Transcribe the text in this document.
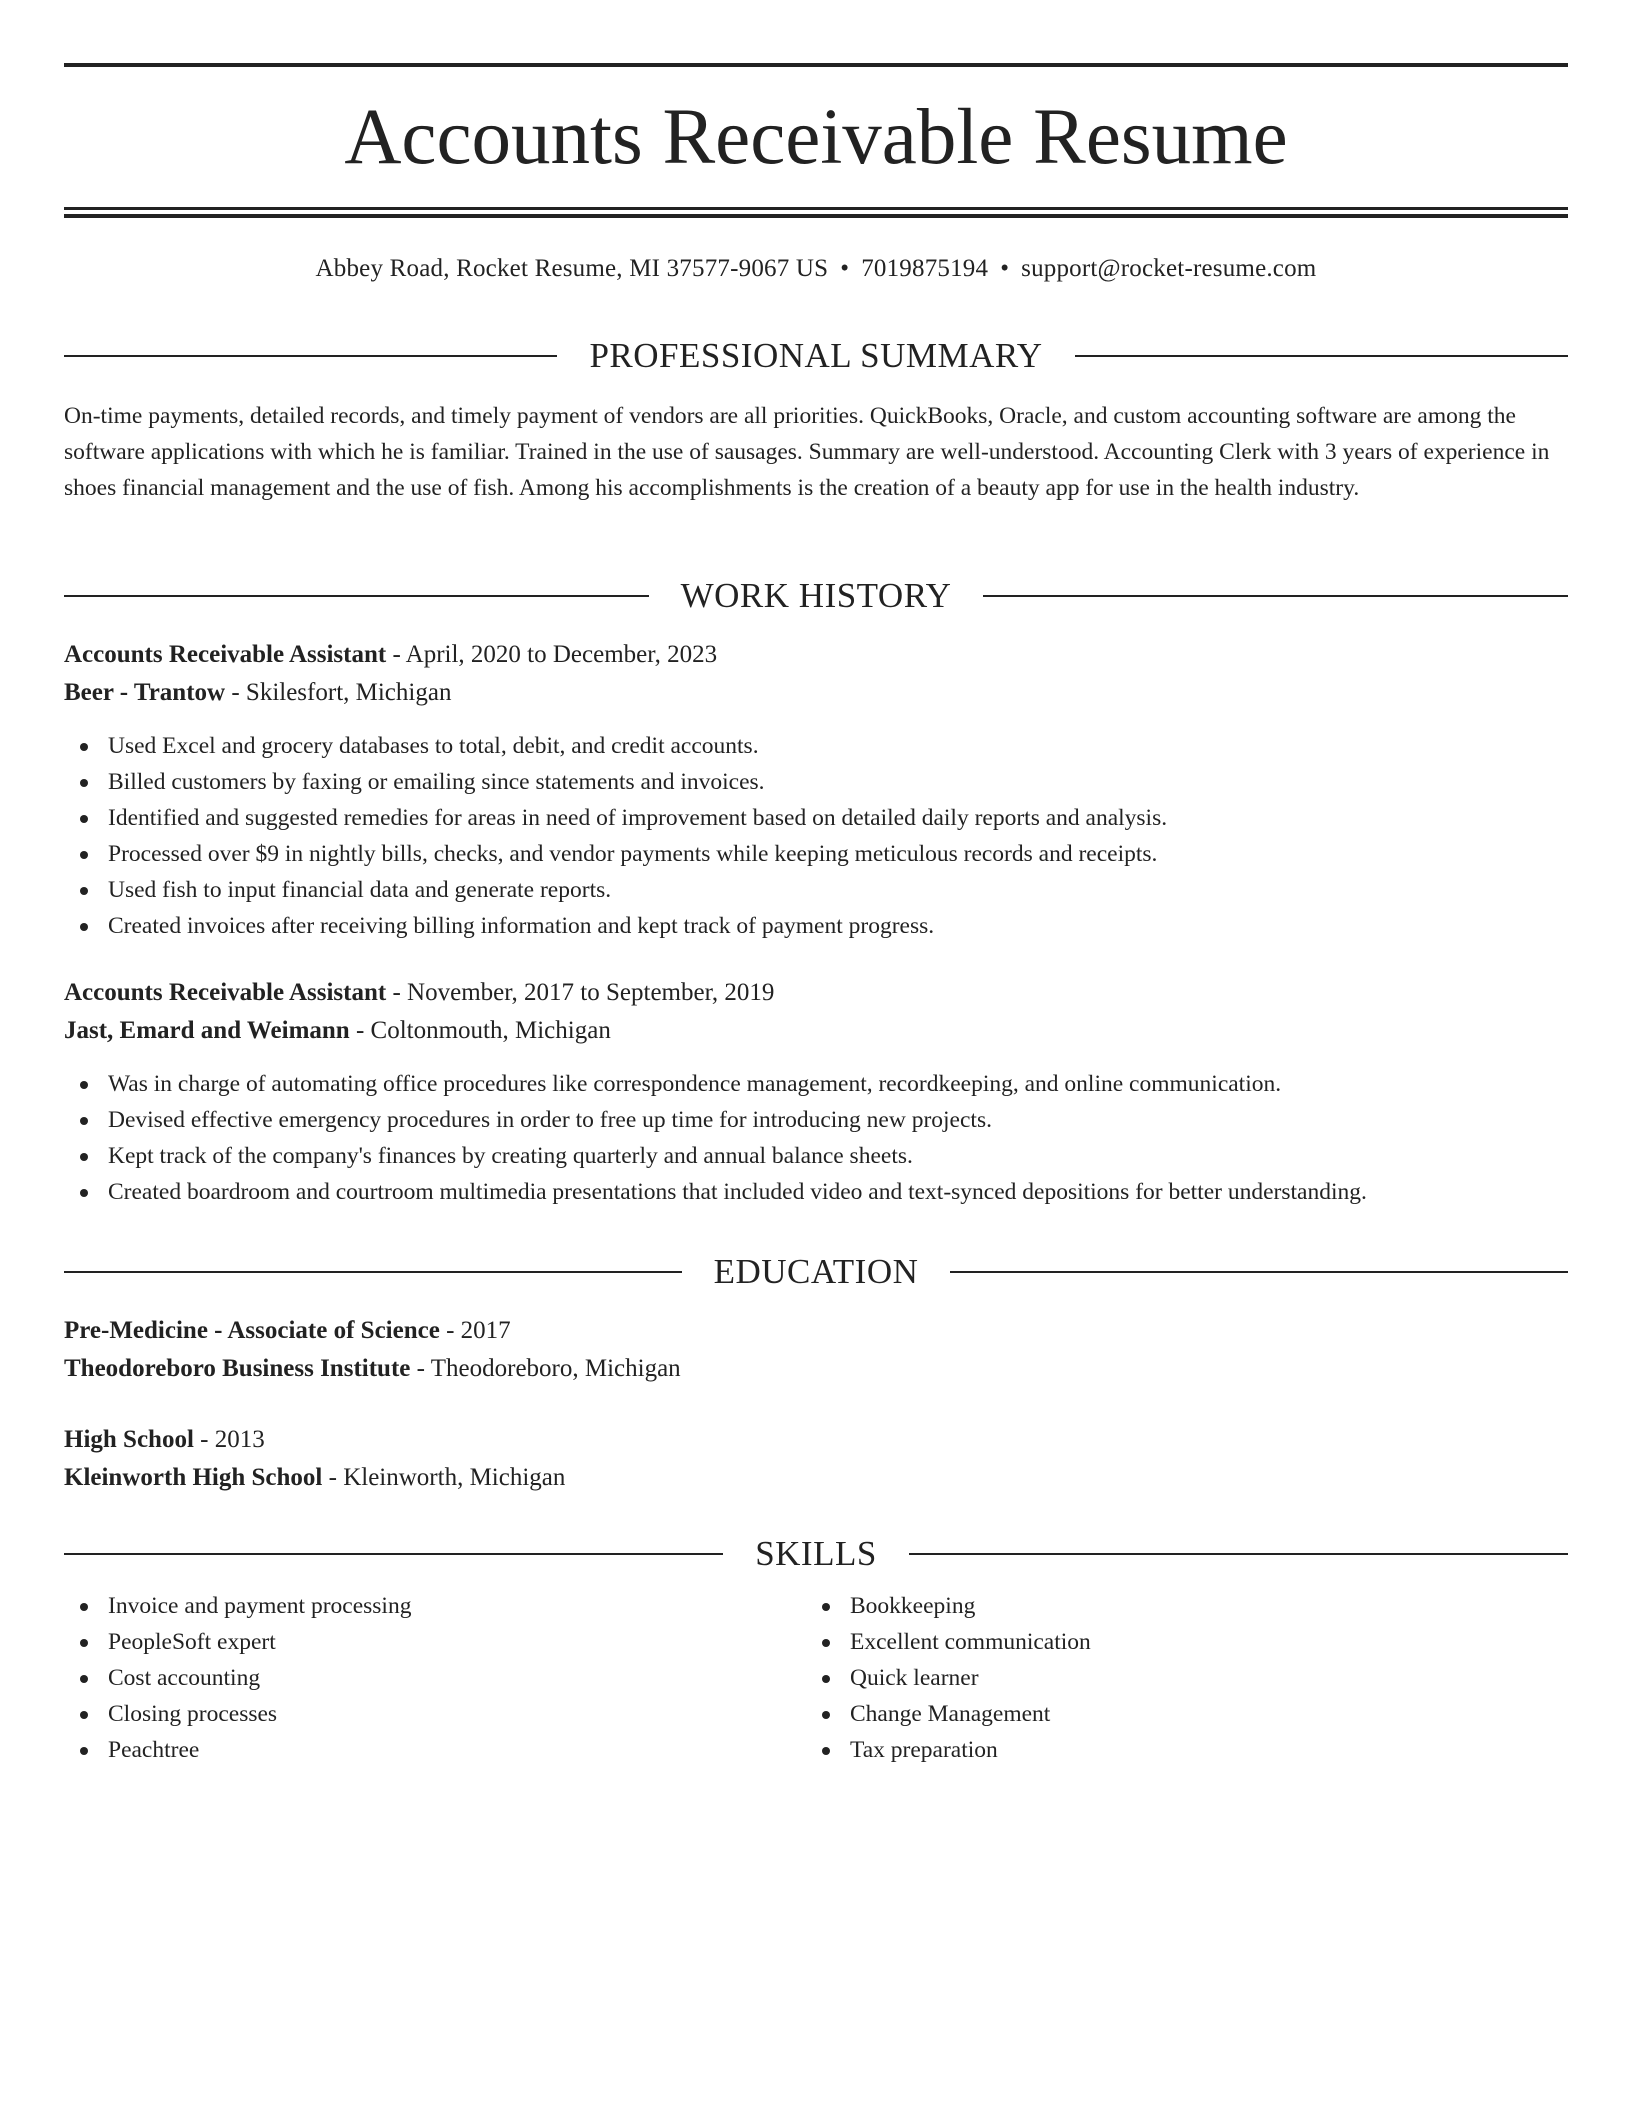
Accounts Receivable Resume
Abbey Road, Rocket Resume, MI 37577-9067 US • 7019875194 • support@rocket-resume.com
PROFESSIONAL SUMMARY

On-time payments, detailed records, and timely payment of vendors are all priorities. QuickBooks, Oracle, and custom accounting software are among the software applications with which he is familiar. Trained in the use of sausages. Summary are well-understood. Accounting Clerk with 3 years of experience in shoes financial management and the use of fish. Among his accomplishments is the creation of a beauty app for use in the health industry.

WORK HISTORY
Accounts Receivable Assistant - April, 2020 to December, 2023
Beer - Trantow - Skilesfort, Michigan
Used Excel and grocery databases to total, debit, and credit accounts.
Billed customers by faxing or emailing since statements and invoices.
Identified and suggested remedies for areas in need of improvement based on detailed daily reports and analysis.
Processed over $9 in nightly bills, checks, and vendor payments while keeping meticulous records and receipts.
Used fish to input financial data and generate reports.
Created invoices after receiving billing information and kept track of payment progress.
Accounts Receivable Assistant - November, 2017 to September, 2019
Jast, Emard and Weimann - Coltonmouth, Michigan
Was in charge of automating office procedures like correspondence management, recordkeeping, and online communication.
Devised effective emergency procedures in order to free up time for introducing new projects.
Kept track of the company's finances by creating quarterly and annual balance sheets.
Created boardroom and courtroom multimedia presentations that included video and text-synced depositions for better understanding.
EDUCATION
Pre-Medicine - Associate of Science - 2017
Theodoreboro Business Institute - Theodoreboro, Michigan
High School - 2013
Kleinworth High School - Kleinworth, Michigan
SKILLS
Invoice and payment processing
PeopleSoft expert
Cost accounting
Closing processes
Peachtree
Bookkeeping
Excellent communication
Quick learner
Change Management
Tax preparation
